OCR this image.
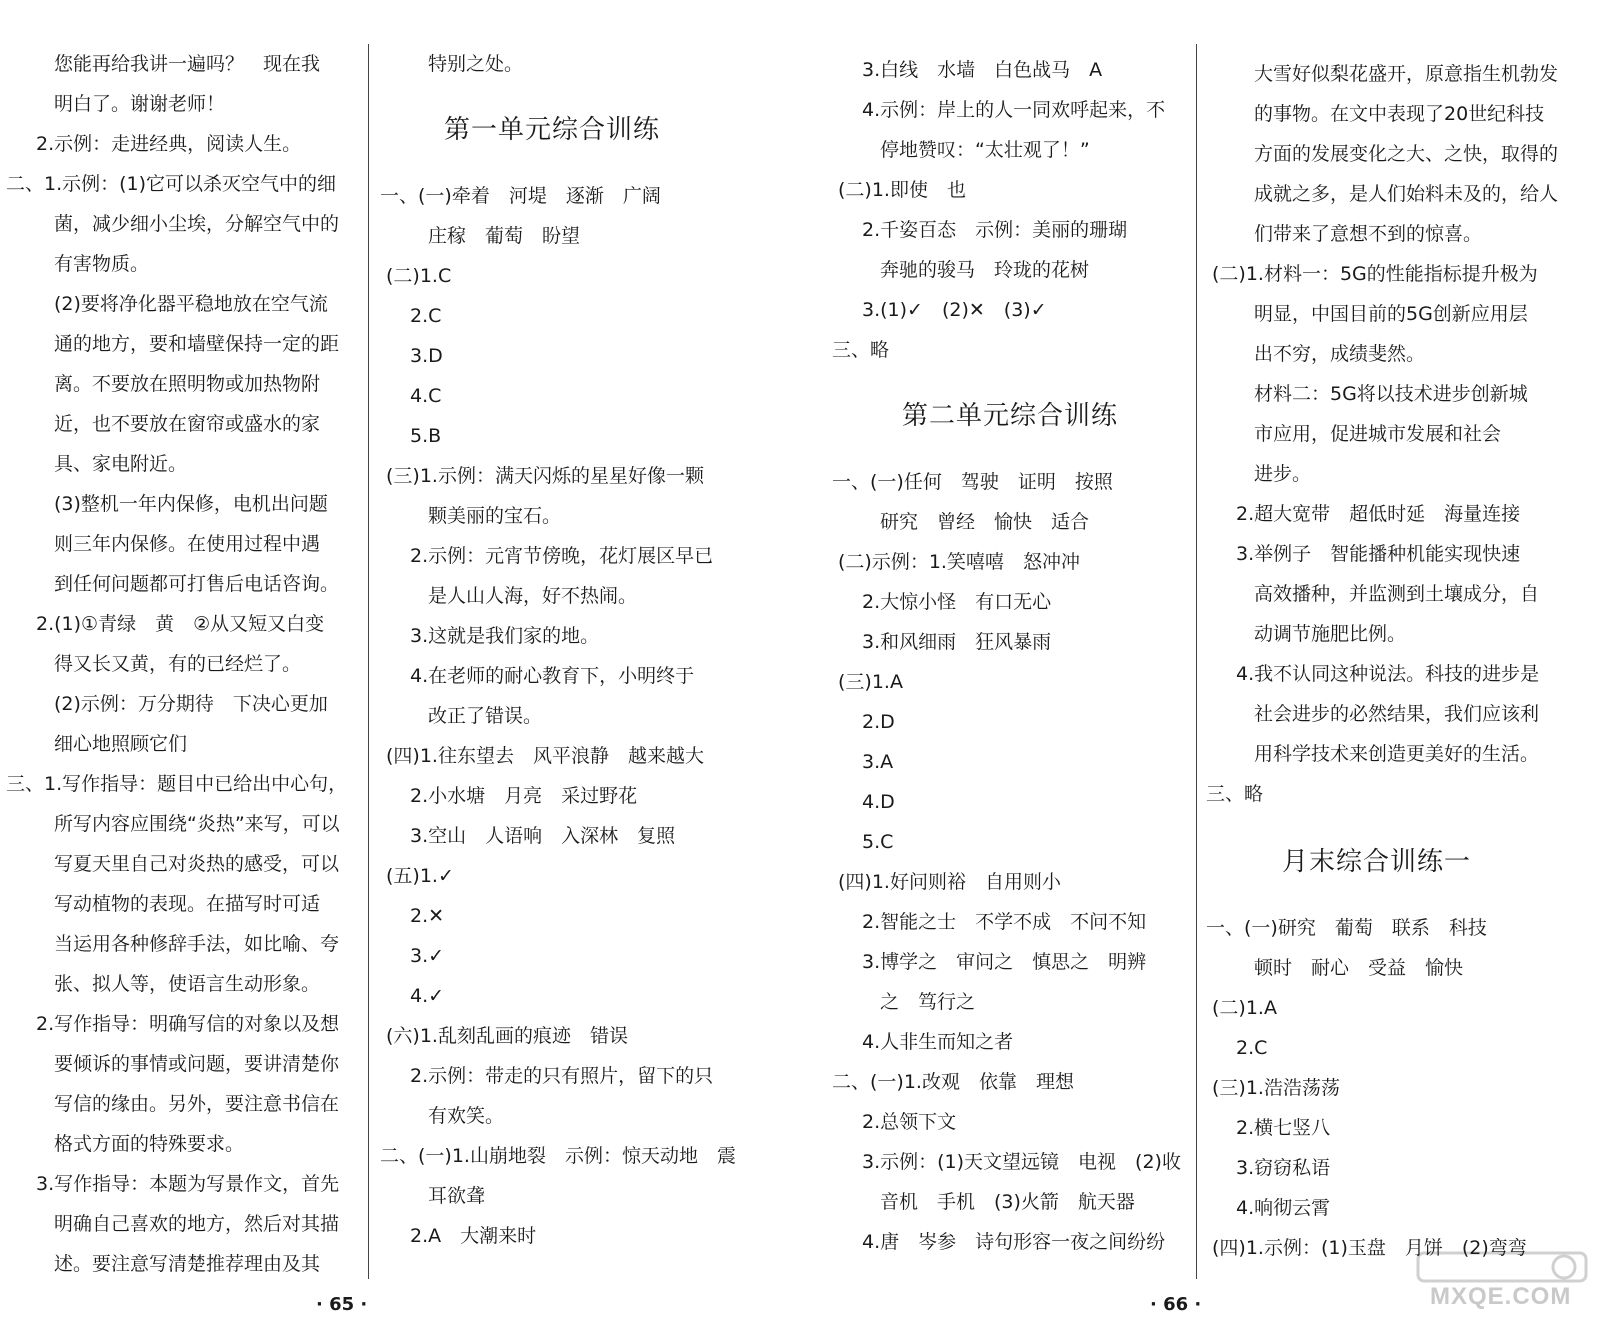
· 65 ·	· 66 ·	MXQE.COM
您能再给我讲一遍吗？　现在我
明白了。谢谢老师！
2.示例：走进经典，阅读人生。
二、1.示例：(1)它可以杀灭空气中的细
菌，减少细小尘埃，分解空气中的
有害物质。
(2)要将净化器平稳地放在空气流
通的地方，要和墙壁保持一定的距
离。不要放在照明物或加热物附
近，也不要放在窗帘或盛水的家
具、家电附近。
(3)整机一年内保修，电机出问题
则三年内保修。在使用过程中遇
到任何问题都可打售后电话咨询。
2.(1)①青绿　黄　②从又短又白变
得又长又黄，有的已经烂了。
(2)示例：万分期待　下决心更加
细心地照顾它们
三、1.写作指导：题目中已给出中心句，
所写内容应围绕“炎热”来写，可以
写夏天里自己对炎热的感受，可以
写动植物的表现。在描写时可适
当运用各种修辞手法，如比喻、夸
张、拟人等，使语言生动形象。
2.写作指导：明确写信的对象以及想
要倾诉的事情或问题，要讲清楚你
写信的缘由。另外，要注意书信在
格式方面的特殊要求。
3.写作指导：本题为写景作文，首先
明确自己喜欢的地方，然后对其描
述。要注意写清楚推荐理由及其
特别之处。
第一单元综合训练
一、(一)牵着　河堤　逐渐　广阔
庄稼　葡萄　盼望
(二)1.C
2.C
3.D
4.C
5.B
(三)1.示例：满天闪烁的星星好像一颗
颗美丽的宝石。
2.示例：元宵节傍晚，花灯展区早已
是人山人海，好不热闹。
3.这就是我们家的地。
4.在老师的耐心教育下，小明终于
改正了错误。
(四)1.往东望去　风平浪静　越来越大
2.小水塘　月亮　采过野花
3.空山　人语响　入深林　复照
(五)1.✓
2.✕
3.✓
4.✓
(六)1.乱刻乱画的痕迹　错误
2.示例：带走的只有照片，留下的只
有欢笑。
二、(一)1.山崩地裂　示例：惊天动地　震
耳欲聋
2.A　大潮来时
3.白线　水墙　白色战马　A
4.示例：岸上的人一同欢呼起来，不
停地赞叹：“太壮观了！”
(二)1.即使　也
2.千姿百态　示例：美丽的珊瑚
奔驰的骏马　玲珑的花树
3.(1)✓　(2)✕　(3)✓
三、略
第二单元综合训练
一、(一)任何　驾驶　证明　按照
研究　曾经　愉快　适合
(二)示例：1.笑嘻嘻　怒冲冲
2.大惊小怪　有口无心
3.和风细雨　狂风暴雨
(三)1.A
2.D
3.A
4.D
5.C
(四)1.好问则裕　自用则小
2.智能之士　不学不成　不问不知
3.博学之　审问之　慎思之　明辨
之　笃行之
4.人非生而知之者
二、(一)1.改观　依靠　理想
2.总领下文
3.示例：(1)天文望远镜　电视　(2)收
音机　手机　(3)火箭　航天器
4.唐　岑参　诗句形容一夜之间纷纷
大雪好似梨花盛开，原意指生机勃发
的事物。在文中表现了20世纪科技
方面的发展变化之大、之快，取得的
成就之多，是人们始料未及的，给人
们带来了意想不到的惊喜。
(二)1.材料一：5G的性能指标提升极为
明显，中国目前的5G创新应用层
出不穷，成绩斐然。
材料二：5G将以技术进步创新城
市应用，促进城市发展和社会
进步。
2.超大宽带　超低时延　海量连接
3.举例子　智能播种机能实现快速
高效播种，并监测到土壤成分，自
动调节施肥比例。
4.我不认同这种说法。科技的进步是
社会进步的必然结果，我们应该利
用科学技术来创造更美好的生活。
三、略
月末综合训练一
一、(一)研究　葡萄　联系　科技
顿时　耐心　受益　愉快
(二)1.A
2.C
(三)1.浩浩荡荡
2.横七竖八
3.窃窃私语
4.响彻云霄
(四)1.示例：(1)玉盘　月饼　(2)弯弯
